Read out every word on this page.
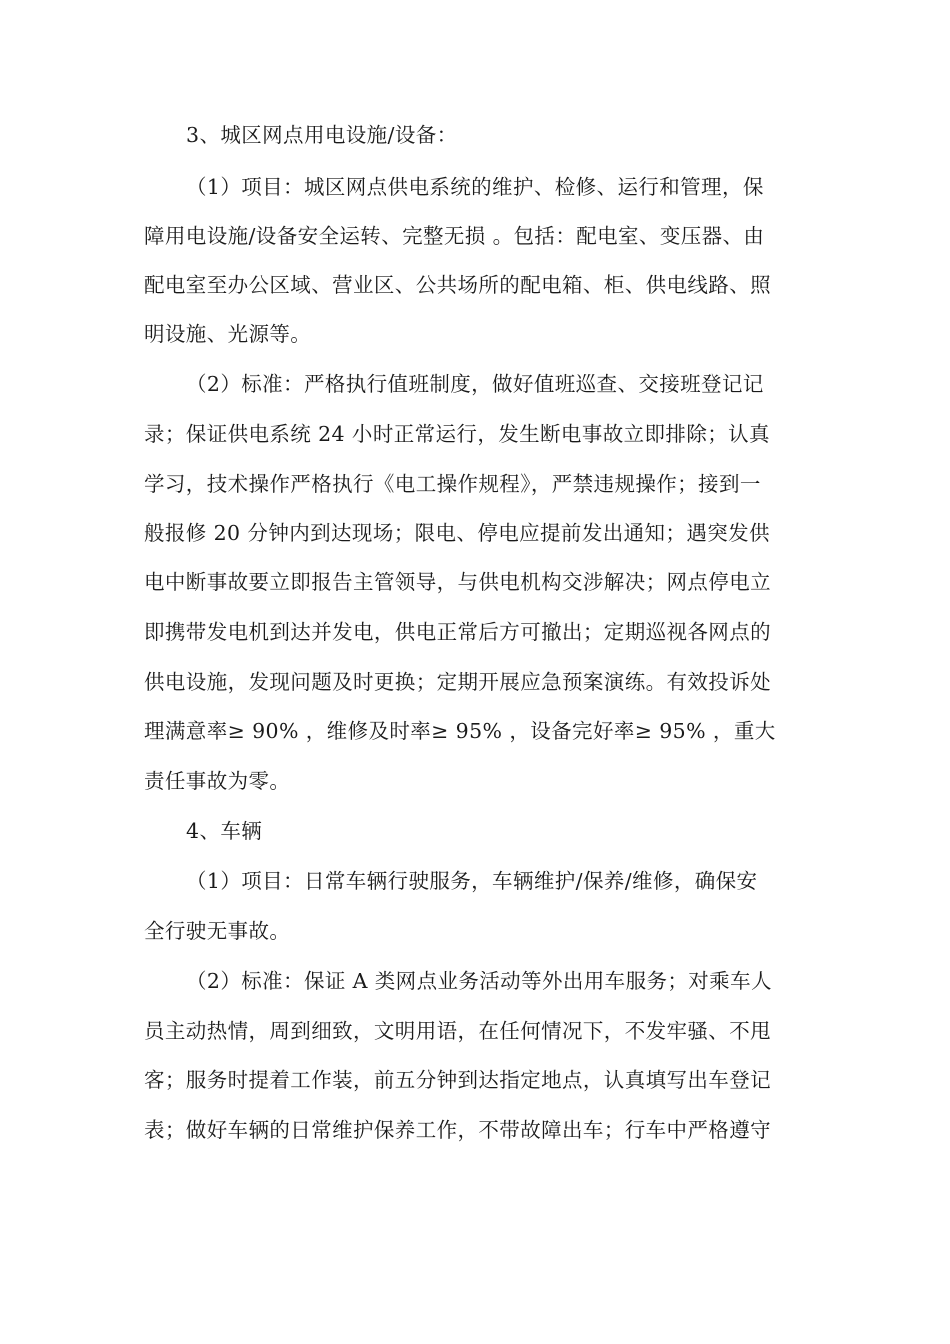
3、城区网点用电设施/设备：
（1）项目：城区网点供电系统的维护、检修、运行和管理，保
障用电设施/设备安全运转、完整无损 。包括：配电室、变压器、由
配电室至办公区域、营业区、公共场所的配电箱、柜、供电线路、照
明设施、光源等。
（2）标准：严格执行值班制度，做好值班巡查、交接班登记记
录；保证供电系统 24 小时正常运行，发生断电事故立即排除；认真
学习，技术操作严格执行《电工操作规程》，严禁违规操作；接到一
般报修 20 分钟内到达现场；限电、停电应提前发出通知；遇突发供
电中断事故要立即报告主管领导，与供电机构交涉解决；网点停电立
即携带发电机到达并发电，供电正常后方可撤出；定期巡视各网点的
供电设施，发现问题及时更换；定期开展应急预案演练。有效投诉处
理满意率≥ 90% ，维修及时率≥ 95% ，设备完好率≥ 95% ，重大
责任事故为零。
4、车辆
（1）项目：日常车辆行驶服务，车辆维护/保养/维修，确保安
全行驶无事故。
（2）标准：保证 A 类网点业务活动等外出用车服务；对乘车人
员主动热情，周到细致，文明用语，在任何情况下，不发牢骚、不甩
客；服务时提着工作装，前五分钟到达指定地点，认真填写出车登记
表；做好车辆的日常维护保养工作，不带故障出车；行车中严格遵守
